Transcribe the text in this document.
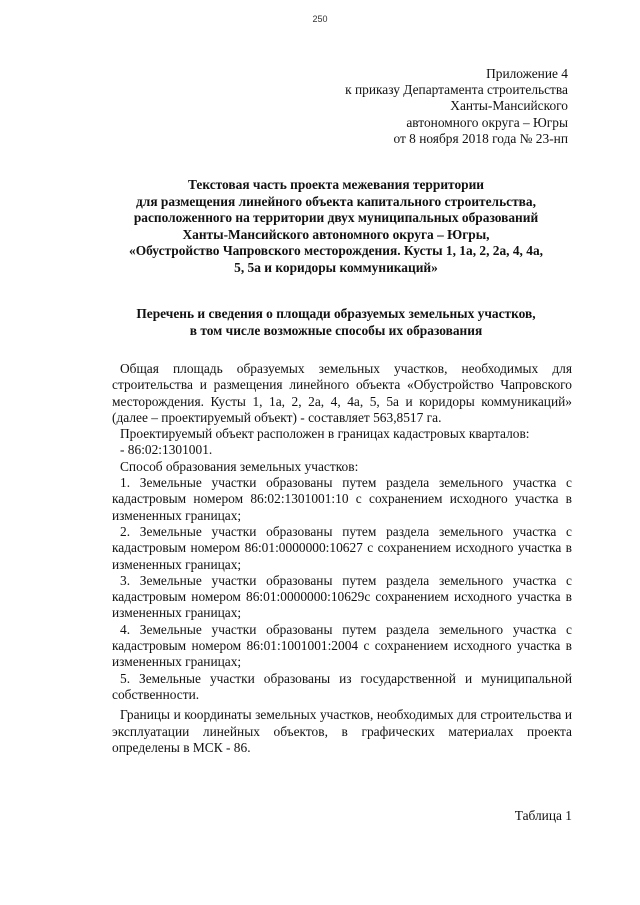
250
Приложение 4
к приказу Департамента строительства
Ханты-Мансийского
автономного округа – Югры
от 8 ноября 2018 года № 23-нп
Текстовая часть проекта межевания территории
для размещения линейного объекта капитального строительства,
расположенного на территории двух муниципальных образований
Ханты-Мансийского автономного округа – Югры,
«Обустройство Чапровского месторождения. Кусты 1, 1а, 2, 2а, 4, 4а,
5, 5а и коридоры коммуникаций»
Перечень и сведения о площади образуемых земельных участков,
в том числе возможные способы их образования

Общая площадь образуемых земельных участков, необходимых для строительства и размещения линейного объекта «Обустройство Чапровского месторождения. Кусты 1, 1а, 2, 2а, 4, 4а, 5, 5а и коридоры коммуникаций» (далее – проектируемый объект) - составляет 563,8517 га.

Проектируемый объект расположен в границах кадастровых кварталов:

- 86:02:1301001.

Способ образования земельных участков:

1. Земельные участки образованы путем раздела земельного участка с кадастровым номером 86:02:1301001:10 с сохранением исходного участка в измененных границах;

2. Земельные участки образованы путем раздела земельного участка с кадастровым номером 86:01:0000000:10627 с сохранением исходного участка в измененных границах;

3. Земельные участки образованы путем раздела земельного участка с кадастровым номером 86:01:0000000:10629с сохранением исходного участка в измененных границах;

4. Земельные участки образованы путем раздела земельного участка с кадастровым номером 86:01:1001001:2004 с сохранением исходного участка в измененных границах;

5. Земельные участки образованы из государственной и муниципальной собственности.

Границы и координаты земельных участков, необходимых для строительства и эксплуатации линейных объектов, в графических материалах проекта определены в МСК - 86.

Таблица 1
